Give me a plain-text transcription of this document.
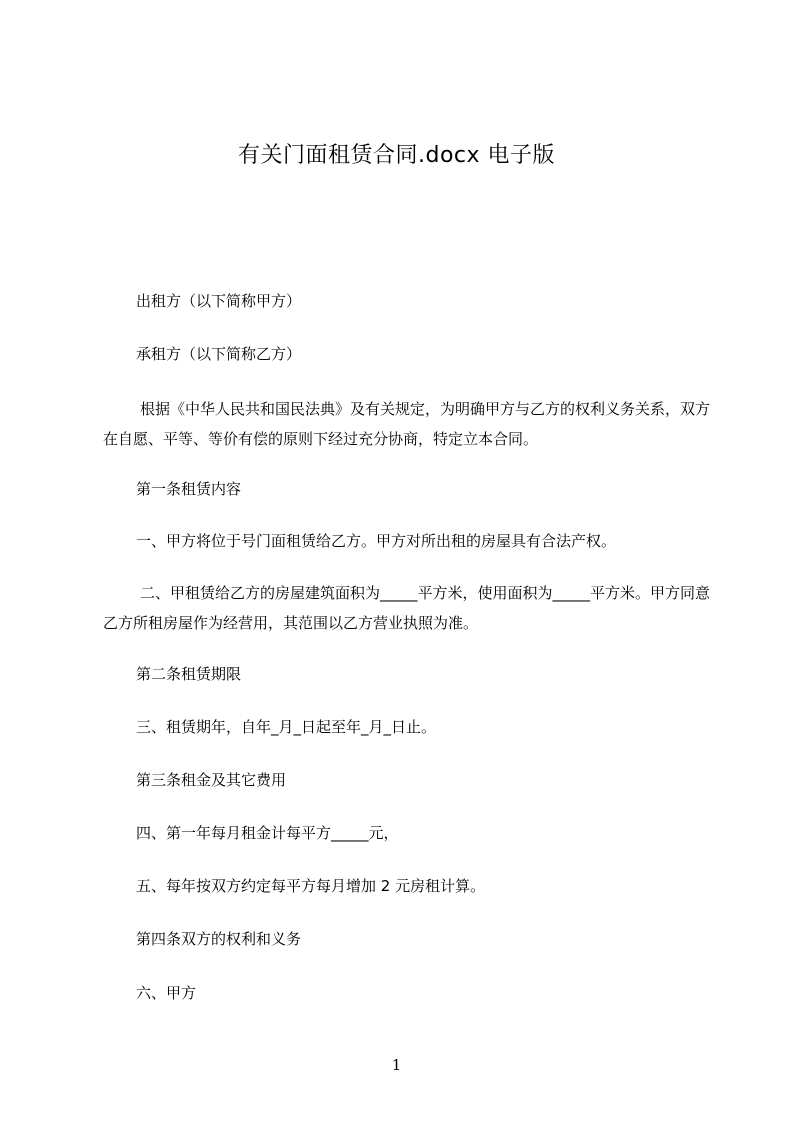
有关门面租赁合同.docx 电子版

出租方（以下简称甲方）

承租方（以下简称乙方）

根据《中华人民共和国民法典》及有关规定，为明确甲方与乙方的权利义务关系，双方在自愿、平等、等价有偿的原则下经过充分协商，特定立本合同。

第一条租赁内容

一、甲方将位于号门面租赁给乙方。甲方对所出租的房屋具有合法产权。

二、甲租赁给乙方的房屋建筑面积为_____平方米，使用面积为_____平方米。甲方同意乙方所租房屋作为经营用，其范围以乙方营业执照为准。

第二条租赁期限

三、租赁期年，自年_月_日起至年_月_日止。

第三条租金及其它费用

四、第一年每月租金计每平方_____元，

五、每年按双方约定每平方每月增加 2 元房租计算。

第四条双方的权利和义务

六、甲方

1
